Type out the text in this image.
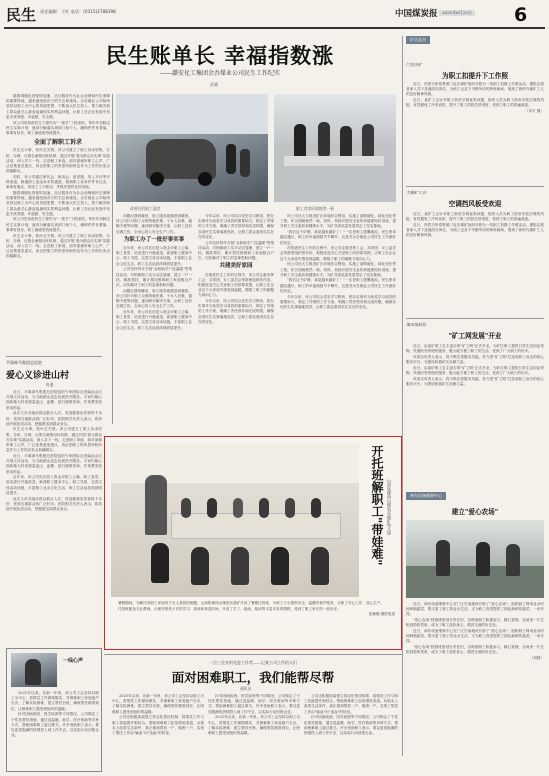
民生 责任编辑：于红 电话：(0315)2788398	中国煤炭报	2021年6月22日 6
民生账单长 幸福指数涨
——潞安化工集团余吾煤业公司民生工作纪实
武晓

随着城镇化进程的加速，社区服务作为社会治理和民生保障的重要阵地，越来越受到各方的关注和重视。余吾煤业公司始终坚持以职工为中心的发展思想，不断加大民生投入，着力解决职工群众最关心最直接最现实的利益问题，让职工在企业发展中有更多获得感、幸福感、安全感。

该公司坚持将民生工程作为"一把手"工程来抓，每年年初制定民生实事计划，逐项分解落实到部门和个人，确保件件有着落、事事有回音，职工满意度持续提升。

全面了解职工诉求

民生无小事，枝叶总关情。该公司建立了职工诉求收集、分析、办理、反馈全流程闭环机制，通过开展"我为群众办实事"实践活动，深入井下一线、走进职工家庭，面对面倾听职工心声，广泛征集意见建议，真正把职工的所思所盼所急作为工作的出发点和落脚点。

同时，该公司通过职代会、座谈会、意见箱、线上平台等多种渠道，畅通职工表达诉求的通道，做到职工诉求件件有记录、事事有落实，形成了上下联动、齐抓共管的良好局面。

随着城镇化进程的加速，社区服务作为社会治理和民生保障的重要阵地，越来越受到各方的关注和重视。余吾煤业公司始终坚持以职工为中心的发展思想，不断加大民生投入，着力解决职工群众最关心最直接最现实的利益问题，让职工在企业发展中有更多获得感、幸福感、安全感。

该公司坚持将民生工程作为"一把手"工程来抓，每年年初制定民生实事计划，逐项分解落实到部门和个人，确保件件有着落、事事有回音，职工满意度持续提升。

民生无小事，枝叶总关情。该公司建立了职工诉求收集、分析、办理、反馈全流程闭环机制，通过开展"我为群众办实事"实践活动，深入井下一线、走进职工家庭，面对面倾听职工心声，广泛征集意见建议，真正把职工的所思所盼所急作为工作的出发点和落脚点。

改善后的职工澡堂	职工食堂环境焕然一新

问题反馈到哪里，职工服务就跟进到哪里。该公司针对职工反映的就医难、子女入托难、通勤不便等问题，逐项研究解决方案，让职工没有后顾之忧，全身心投入安全生产工作。

为职工办了一批好事实事

近年来，该公司先后投入资金对职工公寓、职工食堂、浴室进行升级改造，新建职工健身中心、职工书屋，完善文体活动设施，丰富职工业余文化生活，职工生活品质得到明显提升。

公司坚持每年开展"金秋助学""送温暖"等帮扶活动，对困难职工实行动态管理，建立一户一档，精准帮扶，累计帮扶困难职工家庭数百户次，切实解决了职工的急难愁盼问题。

问题反馈到哪里，职工服务就跟进到哪里。该公司针对职工反映的就医难、子女入托难、通勤不便等问题，逐项研究解决方案，让职工没有后顾之忧，全身心投入安全生产工作。

近年来，该公司先后投入资金对职工公寓、职工食堂、浴室进行升级改造，新建职工健身中心、职工书屋，完善文体活动设施，丰富职工业余文化生活，职工生活品质得到明显提升。

今年以来，该公司结合党史学习教育，把办实事作为检验学习成效的重要标尺，制定了详细的工作方案，明确了责任领导和完成时限，确保各项民生实事落地见效，让职工群众看到实实在在的变化。

公司坚持每年开展"金秋助学""送温暖"等帮扶活动，对困难职工实行动态管理，建立一户一档，精准帮扶，累计帮扶困难职工家庭数百户次，切实解决了职工的急难愁盼问题。

共建美好家园

在推进民生工作的过程中，该公司注重发挥工会、共青团、女工委员会等群团组织的作用，积极营造关心关爱职工的浓厚氛围，让职工在企业这个大家庭中感受到温暖，增强了职工的凝聚力和向心力。

今年以来，该公司结合党史学习教育，把办实事作为检验学习成效的重要标尺，制定了详细的工作方案，明确了责任领导和完成时限，确保各项民生实事落地见效，让职工群众看到实实在在的变化。

该公司还大力推进矿区环境综合整治，实施了道路硬化、绿化亮化等工程，矿区面貌焕然一新。同时，持续开展安全宣传和健康知识讲座，提升职工安全素质和健康水平，为矿井高质量发展奠定了坚实基础。

"我们这个矿啊，真是越来越好了！"一位老职工感慨地说。民生账单越拉越长，职工的幸福指数节节攀升，这是对余吾煤业公司民生工作最好的肯定。

在推进民生工作的过程中，该公司注重发挥工会、共青团、女工委员会等群团组织的作用，积极营造关心关爱职工的浓厚氛围，让职工在企业这个大家庭中感受到温暖，增强了职工的凝聚力和向心力。

该公司还大力推进矿区环境综合整治，实施了道路硬化、绿化亮化等工程，矿区面貌焕然一新。同时，持续开展安全宣传和健康知识讲座，提升职工安全素质和健康水平，为矿井高质量发展奠定了坚实基础。

"我们这个矿啊，真是越来越好了！"一位老职工感慨地说。民生账单越拉越长，职工的幸福指数节节攀升，这是对余吾煤业公司民生工作最好的肯定。

今年以来，该公司结合党史学习教育，把办实事作为检验学习成效的重要标尺，制定了详细的工作方案，明确了责任领导和完成时限，确保各项民生实事落地见效，让职工群众看到实实在在的变化。

平煤神马集团总医院
爱心义诊进山村
陈斐

近日，平煤神马集团总医院组织专家团队走进偏远山区开展义诊活动，为当地群众送去优质医疗服务。专家们耐心细致地为村民测量血压、血糖，进行健康咨询，并免费发放常用药品。

此次义诊共接诊群众数百人次，发放健康宣传资料千余份，受到当地群众的广泛好评。医院相关负责人表示，将持续开展此类活动，把健康送到群众身边。

民生无小事，枝叶总关情。该公司建立了职工诉求收集、分析、办理、反馈全流程闭环机制，通过开展"我为群众办实事"实践活动，深入井下一线、走进职工家庭，面对面倾听职工心声，广泛征集意见建议，真正把职工的所思所盼所急作为工作的出发点和落脚点。

近日，平煤神马集团总医院组织专家团队走进偏远山区开展义诊活动，为当地群众送去优质医疗服务。专家们耐心细致地为村民测量血压、血糖，进行健康咨询，并免费发放常用药品。

近年来，该公司先后投入资金对职工公寓、职工食堂、浴室进行升级改造，新建职工健身中心、职工书屋，完善文体活动设施，丰富职工业余文化生活，职工生活品质得到明显提升。

此次义诊共接诊群众数百人次，发放健康宣传资料千余份，受到当地群众的广泛好评。医院相关负责人表示，将持续开展此类活动，把健康送到群众身边。	开托班解职工"带娃难" 山西焦煤西山煤电东曲矿幼儿园

暑假期间，为解决双职工家庭孩子无人看管的难题，山西焦煤西山煤电东曲矿开设了暑期托管班，为职工子女提供安全、温馨的看护服务，让职工安心工作、放心生产。

托管班配备专业教师，合理安排孩子们的学习、游戏和休息时间，开设了手工、绘画、阅读等丰富多彩的课程，受到了职工家长的一致好评。

张楠楠 摄影报道

一点三企业的先进工作者——记某公司工作的人们
面对困难职工，我们能帮尽帮
通讯员

2021年以来，在新一年里，该公司工会坚持以职工为中心，将帮扶工作做细做实，对困难职工家庭逐户走访，了解实际困难，建立帮扶台账，确保帮扶精准到位，让困难职工感受到组织的温暖。

公司还积极探索建立常态化帮扶机制，将帮扶工作与职工技能提升相结合，帮助困难职工拓宽增收渠道，从根本上改善生活条件，真正做到帮扶一户、脱困一户，实现了帮扶工作由"输血"向"造血"的转变。

针对因病致困、因学致困等不同情况，公司制定了个性化帮扶措施，通过送温暖、助学、医疗救助等多种方式，帮助困难职工渡过难关。许多受助职工表示，要以更加饱满的热情投入到工作中去，以实际行动回报企业。

2021年以来，在新一年里，该公司工会坚持以职工为中心，将帮扶工作做细做实，对困难职工家庭逐户走访，了解实际困难，建立帮扶台账，确保帮扶精准到位，让困难职工感受到组织的温暖。

公司还积极探索建立常态化帮扶机制，将帮扶工作与职工技能提升相结合，帮助困难职工拓宽增收渠道，从根本上改善生活条件，真正做到帮扶一户、脱困一户，实现了帮扶工作由"输血"向"造血"的转变。

针对因病致困、因学致困等不同情况，公司制定了个性化帮扶措施，通过送温暖、助学、医疗救助等多种方式，帮助困难职工渡过难关。许多受助职工表示，要以更加饱满的热情投入到工作中去，以实际行动回报企业。

一线心声

2021年以来，在新一年里，该公司工会坚持以职工为中心，将帮扶工作做细做实，对困难职工家庭逐户走访，了解实际困难，建立帮扶台账，确保帮扶精准到位，让困难职工感受到组织的温暖。

针对因病致困、因学致困等不同情况，公司制定了个性化帮扶措施，通过送温暖、助学、医疗救助等多种方式，帮助困难职工渡过难关。许多受助职工表示，要以更加饱满的热情投入到工作中去，以实际行动回报企业。

矿区直击
门克庆矿
为职工扣提升下工作照

近日，内蒙古伊泰集团门克庆煤矿组织开展为一线职工拍摄工作照活动，摄影志愿者深入井下及地面各岗位，为职工记录下辛勤劳动的珍贵瞬间，展现了新时代煤矿工人的良好精神风貌。

近日，某矿工会针对职工宿舍空调直吹问题，组织人员为职工宿舍安装空调挡风板，有效避免了冷风直吹，提升了职工的居住舒适度，受到了职工的普遍欢迎。

（宋平 摄）

大柳矿工会
空调挡风板受欢迎

近日，某矿工会针对职工宿舍空调直吹问题，组织人员为职工宿舍安装空调挡风板，有效避免了冷风直吹，提升了职工的居住舒适度，受到了职工的普遍欢迎。

近日，内蒙古伊泰集团门克庆煤矿组织开展为一线职工拍摄工作照活动，摄影志愿者深入井下及地面各岗位，为职工记录下辛勤劳动的珍贵瞬间，展现了新时代煤矿工人的良好精神风貌。

煤田地质局
"矿工网发展"开业

近日，由某矿职工自主创办的"矿工网"正式开业，为矿区职工提供日常生活用品采购、快递收发等便民服务，极大地方便了职工的生活，受到了广大职工的好评。

该项目负责人表示，将不断完善服务功能，努力把"矿工网"打造成职工身边的贴心服务平台，为建设和谐矿区贡献力量。

近日，由某矿职工自主创办的"矿工网"正式开业，为矿区职工提供日常生活用品采购、快递收发等便民服务，极大地方便了职工的生活，受到了广大职工的好评。

该项目负责人表示，将不断完善服务功能，努力把"矿工网"打造成职工身边的贴心服务平台，为建设和谐矿区贡献力量。

神东设备维修中心
建立"爱心农场"

近日，神东设备维修中心在厂区空闲地块开辟了"爱心农场"，组织职工利用业余时间种植蔬菜，既丰富了职工的业余生活，又为职工食堂提供了绿色新鲜的蔬菜，一举多得。

"爱心农场"按照班组划分责任田，各班组职工积极参与，精心管理，农场里一片生机勃勃的景象，成为了职工放松身心、增进交流的好去处。

近日，神东设备维修中心在厂区空闲地块开辟了"爱心农场"，组织职工利用业余时间种植蔬菜，既丰富了职工的业余生活，又为职工食堂提供了绿色新鲜的蔬菜，一举多得。

"爱心农场"按照班组划分责任田，各班组职工积极参与，精心管理，农场里一片生机勃勃的景象，成为了职工放松身心、增进交流的好去处。

（刘强）
